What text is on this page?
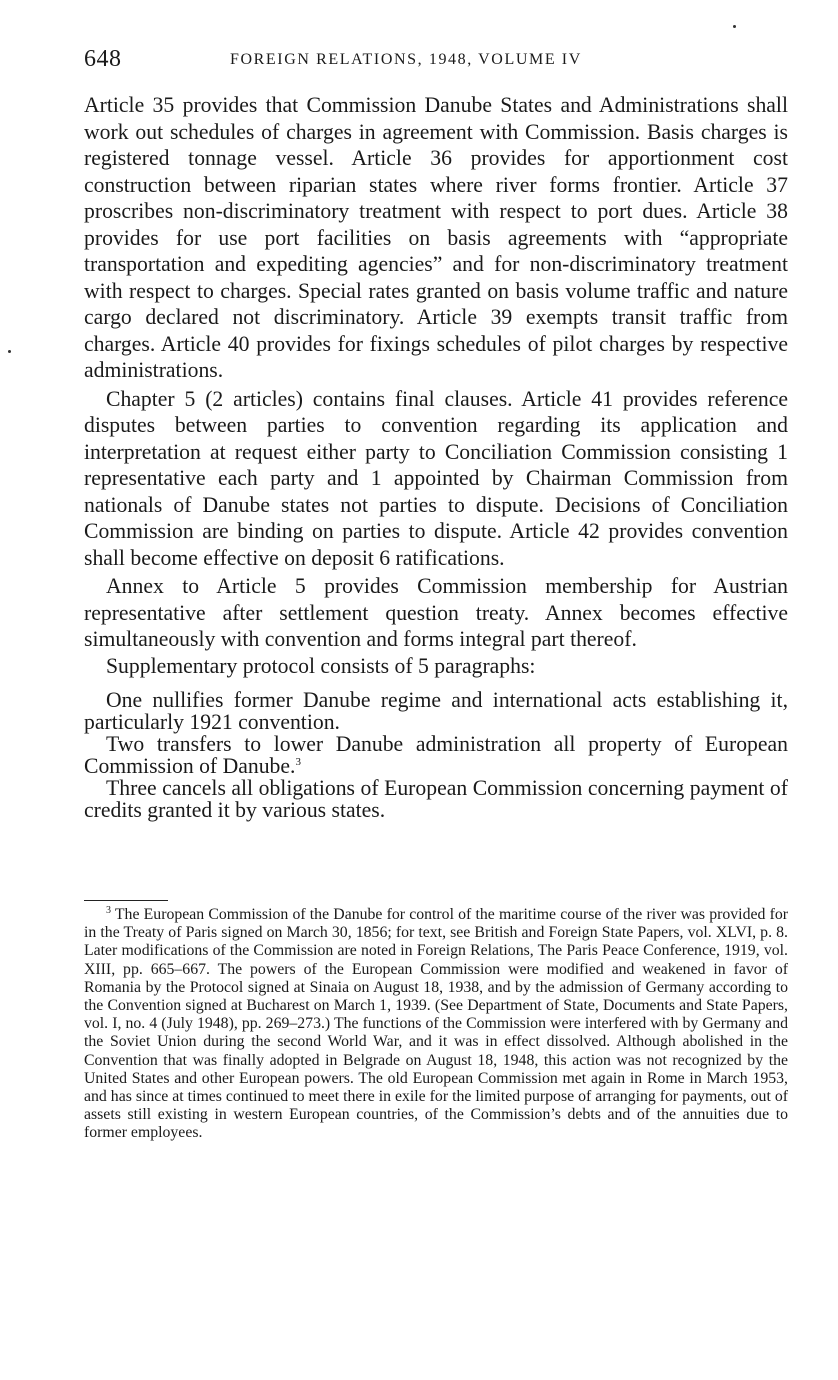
648	FOREIGN RELATIONS, 1948, VOLUME IV

Article 35 provides that Commission Danube States and Administrations shall work out schedules of charges in agreement with Commission. Basis charges is registered tonnage vessel. Article 36 provides for apportionment cost construction between riparian states where river forms frontier. Article 37 proscribes non-discriminatory treatment with respect to port dues. Article 38 provides for use port facilities on basis agreements with “appropriate transportation and expediting agencies” and for non-discriminatory treatment with respect to charges. Special rates granted on basis volume traffic and nature cargo declared not discriminatory. Article 39 exempts transit traffic from charges. Article 40 provides for fixings schedules of pilot charges by respective administrations.

Chapter 5 (2 articles) contains final clauses. Article 41 provides reference disputes between parties to convention regarding its application and interpretation at request either party to Conciliation Commission consisting 1 representative each party and 1 appointed by Chairman Commission from nationals of Danube states not parties to dispute. Decisions of Conciliation Commission are binding on parties to dispute. Article 42 provides convention shall become effective on deposit 6 ratifications.

Annex to Article 5 provides Commission membership for Austrian representative after settlement question treaty. Annex becomes effective simultaneously with convention and forms integral part thereof.

Supplementary protocol consists of 5 paragraphs:

One nullifies former Danube regime and international acts establishing it, particularly 1921 convention.

Two transfers to lower Danube administration all property of European Commission of Danube.$^3$

Three cancels all obligations of European Commission concerning payment of credits granted it by various states.

$^3$ The European Commission of the Danube for control of the maritime course of the river was provided for in the Treaty of Paris signed on March 30, 1856; for text, see British and Foreign State Papers, vol. XLVI, p. 8. Later modifications of the Commission are noted in Foreign Relations, The Paris Peace Conference, 1919, vol. XIII, pp. 665–667. The powers of the European Commission were modified and weakened in favor of Romania by the Protocol signed at Sinaia on August 18, 1938, and by the admission of Germany according to the Convention signed at Bucharest on March 1, 1939. (See Department of State, Documents and State Papers, vol. I, no. 4 (July 1948), pp. 269–273.) The functions of the Commission were interfered with by Germany and the Soviet Union during the second World War, and it was in effect dissolved. Although abolished in the Convention that was finally adopted in Belgrade on August 18, 1948, this action was not recognized by the United States and other European powers. The old European Commission met again in Rome in March 1953, and has since at times continued to meet there in exile for the limited purpose of arranging for payments, out of assets still existing in western European countries, of the Commission’s debts and of the annuities due to former employees.
